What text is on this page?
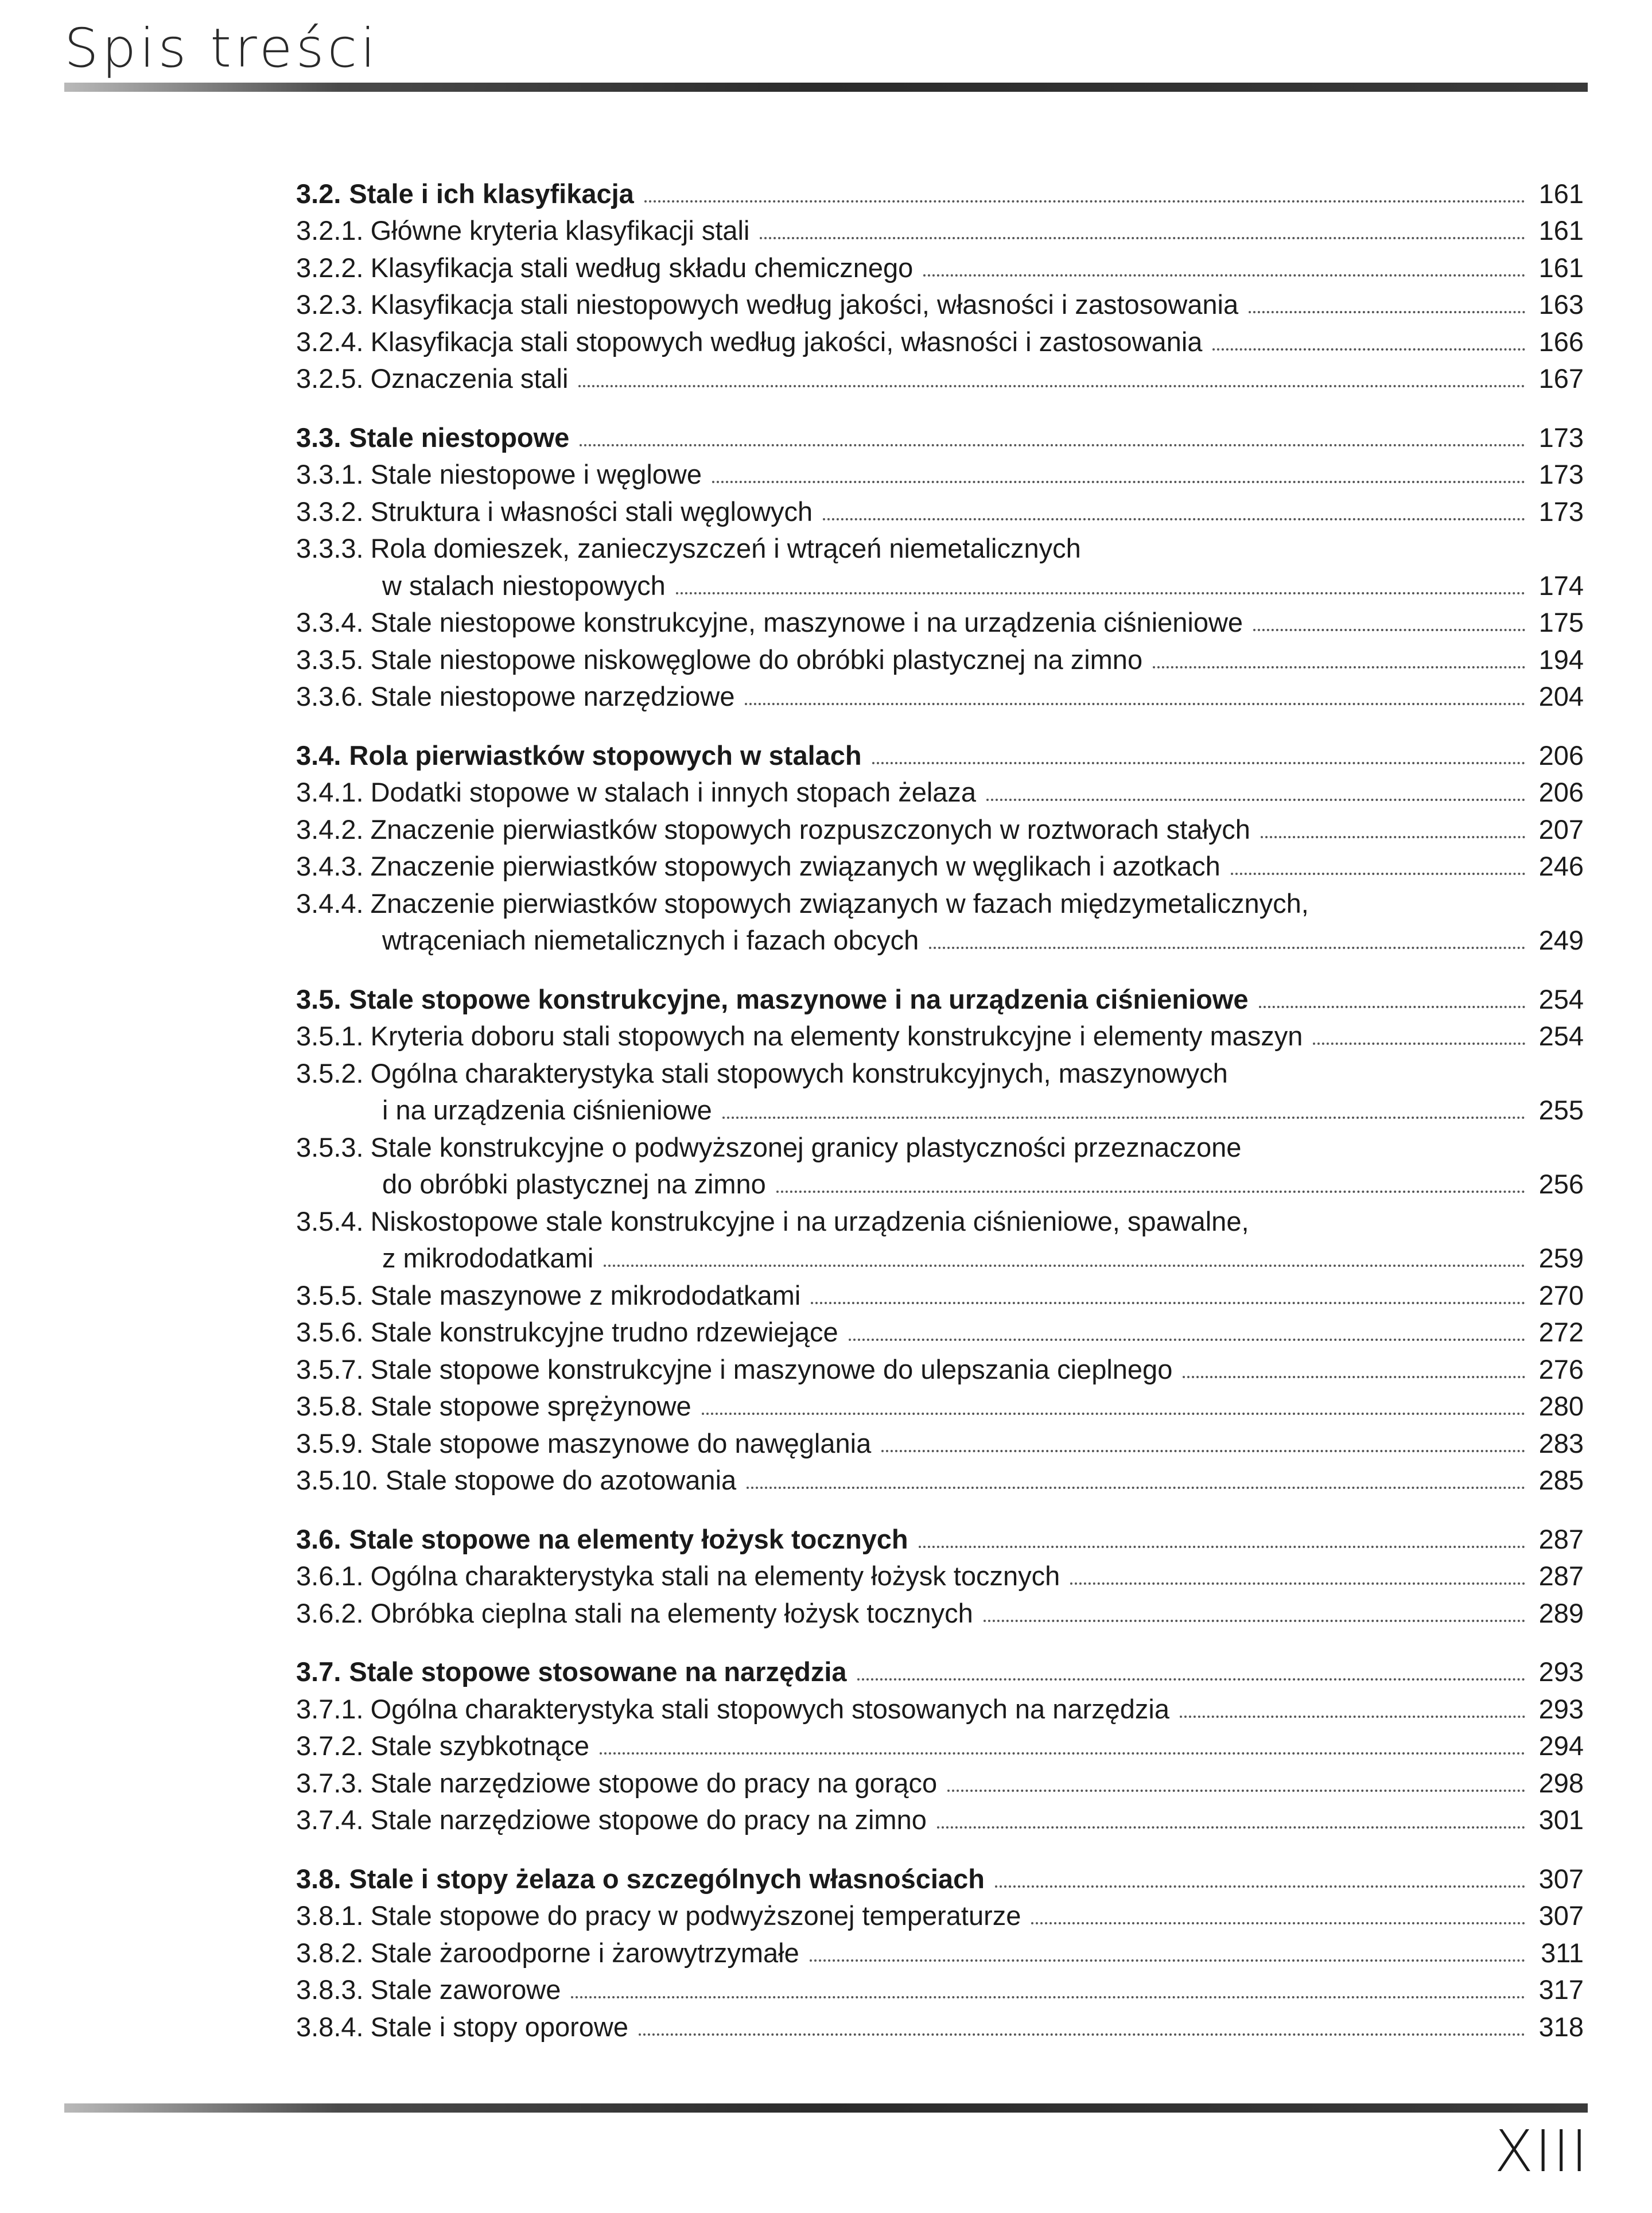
Spis treści
3.2. Stale i ich klasyfikacja	161
3.2.1. Główne kryteria klasyfikacji stali	161
3.2.2. Klasyfikacja stali według składu chemicznego	161
3.2.3. Klasyfikacja stali niestopowych według jakości, własności i zastosowania	163
3.2.4. Klasyfikacja stali stopowych według jakości, własności i zastosowania	166
3.2.5. Oznaczenia stali	167
3.3. Stale niestopowe	173
3.3.1. Stale niestopowe i węglowe	173
3.3.2. Struktura i własności stali węglowych	173
3.3.3. Rola domieszek, zanieczyszczeń i wtrąceń niemetalicznych
w stalach niestopowych	174
3.3.4. Stale niestopowe konstrukcyjne, maszynowe i na urządzenia ciśnieniowe	175
3.3.5. Stale niestopowe niskowęglowe do obróbki plastycznej na zimno	194
3.3.6. Stale niestopowe narzędziowe	204
3.4. Rola pierwiastków stopowych w stalach	206
3.4.1. Dodatki stopowe w stalach i innych stopach żelaza	206
3.4.2. Znaczenie pierwiastków stopowych rozpuszczonych w roztworach stałych	207
3.4.3. Znaczenie pierwiastków stopowych związanych w węglikach i azotkach	246
3.4.4. Znaczenie pierwiastków stopowych związanych w fazach międzymetalicznych,
wtrąceniach niemetalicznych i fazach obcych	249
3.5. Stale stopowe konstrukcyjne, maszynowe i na urządzenia ciśnieniowe	254
3.5.1. Kryteria doboru stali stopowych na elementy konstrukcyjne i elementy maszyn	254
3.5.2. Ogólna charakterystyka stali stopowych konstrukcyjnych, maszynowych
i na urządzenia ciśnieniowe	255
3.5.3. Stale konstrukcyjne o podwyższonej granicy plastyczności przeznaczone
do obróbki plastycznej na zimno	256
3.5.4. Niskostopowe stale konstrukcyjne i na urządzenia ciśnieniowe, spawalne,
z mikrododatkami	259
3.5.5. Stale maszynowe z mikrododatkami	270
3.5.6. Stale konstrukcyjne trudno rdzewiejące	272
3.5.7. Stale stopowe konstrukcyjne i maszynowe do ulepszania cieplnego	276
3.5.8. Stale stopowe sprężynowe	280
3.5.9. Stale stopowe maszynowe do nawęglania	283
3.5.10. Stale stopowe do azotowania	285
3.6. Stale stopowe na elementy łożysk tocznych	287
3.6.1. Ogólna charakterystyka stali na elementy łożysk tocznych	287
3.6.2. Obróbka cieplna stali na elementy łożysk tocznych	289
3.7. Stale stopowe stosowane na narzędzia	293
3.7.1. Ogólna charakterystyka stali stopowych stosowanych na narzędzia	293
3.7.2. Stale szybkotnące	294
3.7.3. Stale narzędziowe stopowe do pracy na gorąco	298
3.7.4. Stale narzędziowe stopowe do pracy na zimno	301
3.8. Stale i stopy żelaza o szczególnych własnościach	307
3.8.1. Stale stopowe do pracy w podwyższonej temperaturze	307
3.8.2. Stale żaroodporne i żarowytrzymałe	311
3.8.3. Stale zaworowe	317
3.8.4. Stale i stopy oporowe	318
XIII
